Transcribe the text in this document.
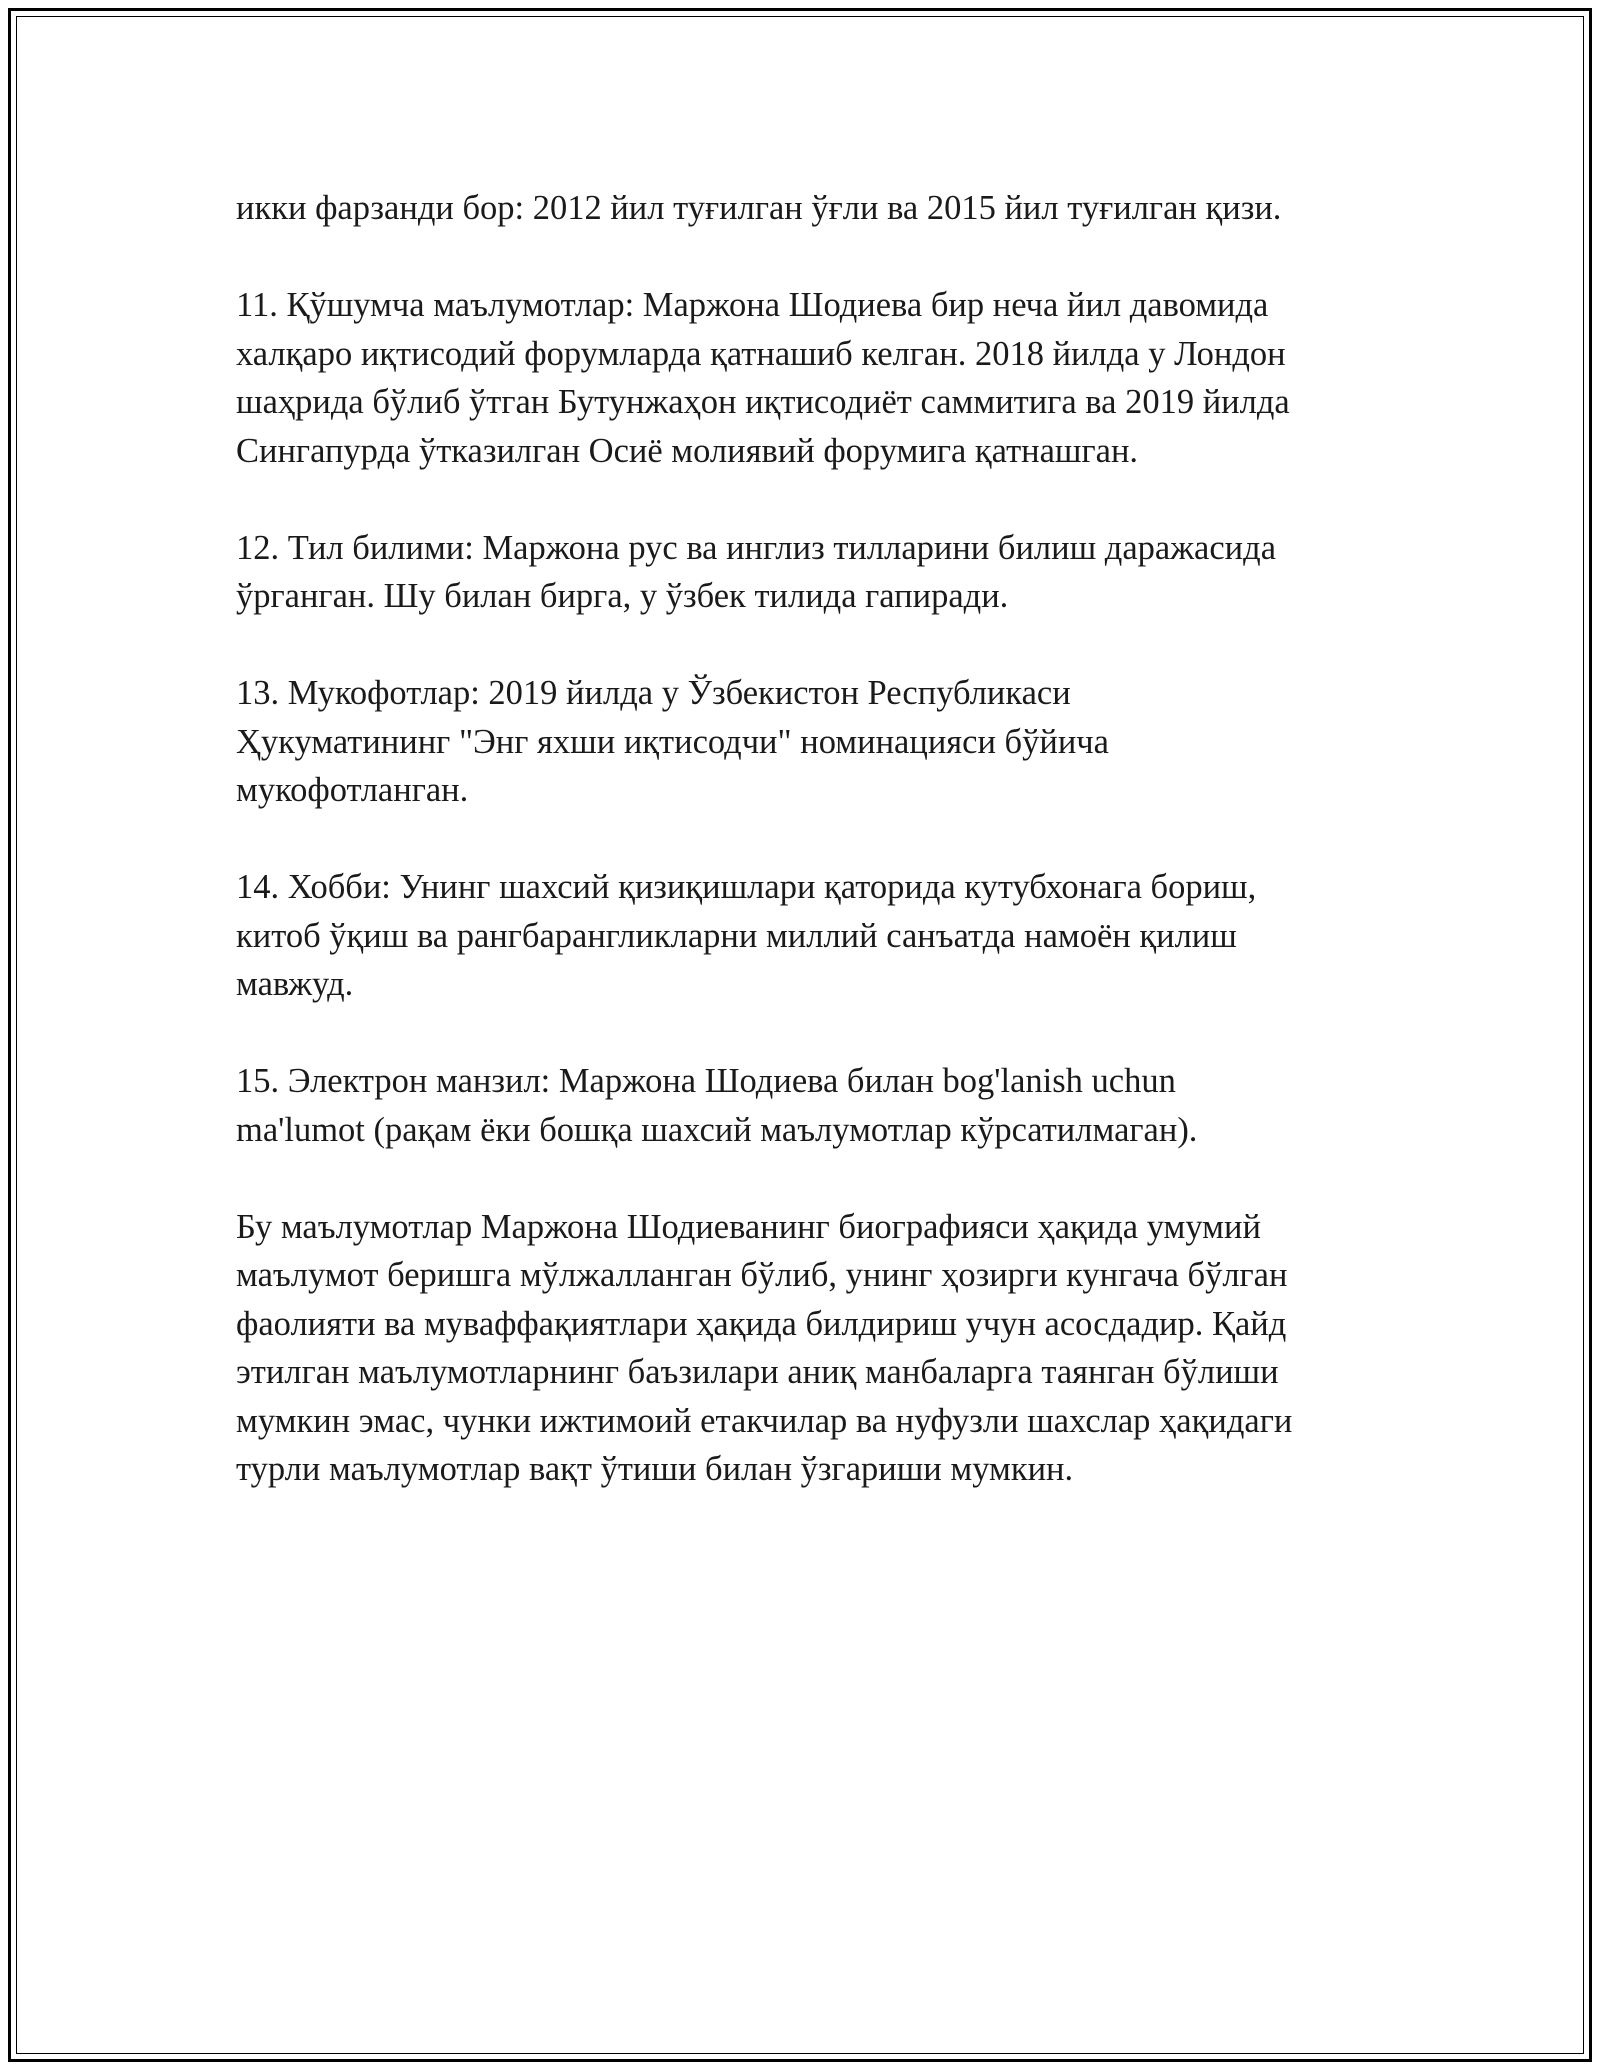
икки фарзанди бор: 2012 йил туғилган ўғли ва 2015 йил туғилган қизи.

11. Қўшумча маълумотлар: Маржона Шодиева бир неча йил давомида
халқаро иқтисодий форумларда қатнашиб келган. 2018 йилда у Лондон
шаҳрида бўлиб ўтган Бутунжаҳон иқтисодиёт саммитига ва 2019 йилда
Сингапурда ўтказилган Осиё молиявий форумига қатнашган.

12. Тил билими: Маржона рус ва инглиз тилларини билиш даражасида
ўрганган. Шу билан бирга, у ўзбек тилида гапиради.

13. Мукофотлар: 2019 йилда у Ўзбекистон Республикаси
Ҳукуматининг "Энг яхши иқтисодчи" номинацияси бўйича
мукофотланган.

14. Хобби: Унинг шахсий қизиқишлари қаторида кутубхонага бориш,
китоб ўқиш ва рангбарангликларни миллий санъатда намоён қилиш
мавжуд.

15. Электрон манзил: Маржона Шодиева билан bog'lanish uchun
ma'lumot (рақам ёки бошқа шахсий маълумотлар кўрсатилмаган).

Бу маълумотлар Маржона Шодиеванинг биографияси ҳақида умумий
маълумот беришга мўлжалланган бўлиб, унинг ҳозирги кунгача бўлган
фаолияти ва муваффақиятлари ҳақида билдириш учун асосдадир. Қайд
этилган маълумотларнинг баъзилари аниқ манбаларга таянган бўлиши
мумкин эмас, чунки ижтимоий етакчилар ва нуфузли шахслар ҳақидаги
турли маълумотлар вақт ўтиши билан ўзгариши мумкин.
